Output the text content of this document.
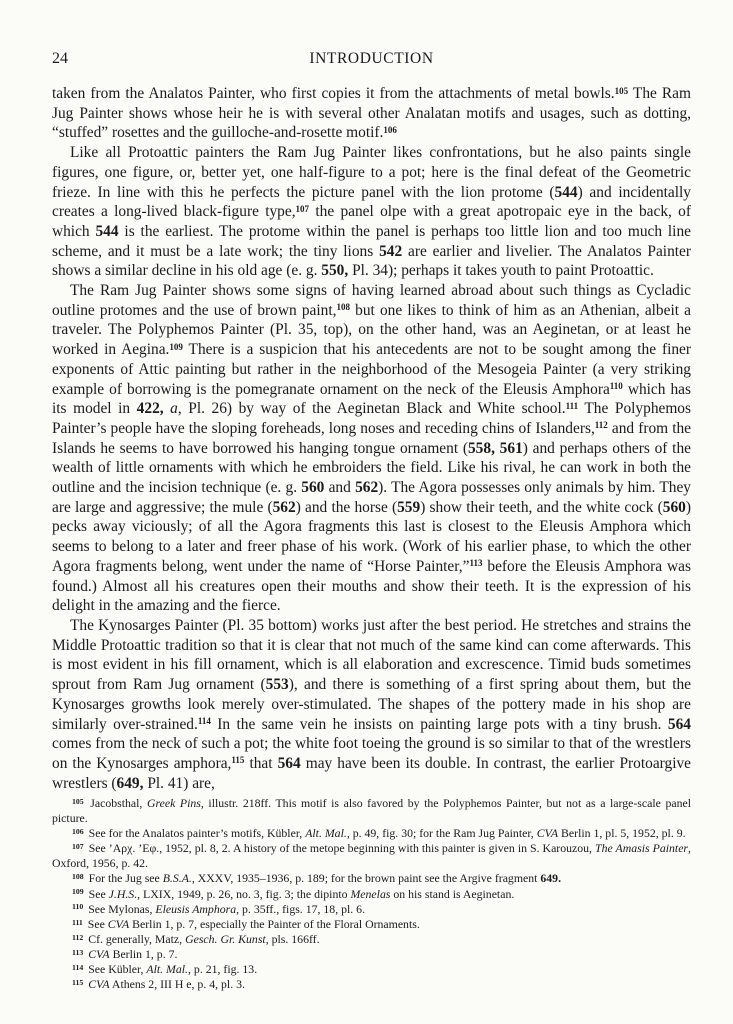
24	INTRODUCTION

taken from the Analatos Painter, who first copies it from the attachments of metal bowls.$^{105}$ The Ram Jug Painter shows whose heir he is with several other Analatan motifs and usages, such as dotting, “stuffed” rosettes and the guilloche-and-rosette motif.$^{106}$

Like all Protoattic painters the Ram Jug Painter likes confrontations, but he also paints single figures, one figure, or, better yet, one half-figure to a pot; here is the final defeat of the Geometric frieze. In line with this he perfects the picture panel with the lion protome (544) and incidentally creates a long-lived black-figure type,$^{107}$ the panel olpe with a great apotropaic eye in the back, of which 544 is the earliest. The protome within the panel is perhaps too little lion and too much line scheme, and it must be a late work; the tiny lions 542 are earlier and livelier. The Analatos Painter shows a similar decline in his old age (e. g. 550, Pl. 34); perhaps it takes youth to paint Protoattic.

The Ram Jug Painter shows some signs of having learned abroad about such things as Cycladic outline protomes and the use of brown paint,$^{108}$ but one likes to think of him as an Athenian, albeit a traveler. The Polyphemos Painter (Pl. 35, top), on the other hand, was an Aeginetan, or at least he worked in Aegina.$^{109}$ There is a suspicion that his antecedents are not to be sought among the finer exponents of Attic painting but rather in the neighborhood of the Mesogeia Painter (a very striking example of borrowing is the pomegranate ornament on the neck of the Eleusis Amphora$^{110}$ which has its model in 422, a, Pl. 26) by way of the Aeginetan Black and White school.$^{111}$ The Polyphemos Painter’s people have the sloping foreheads, long noses and receding chins of Islanders,$^{112}$ and from the Islands he seems to have borrowed his hanging tongue ornament (558, 561) and perhaps others of the wealth of little ornaments with which he embroiders the field. Like his rival, he can work in both the outline and the incision technique (e. g. 560 and 562). The Agora possesses only animals by him. They are large and aggressive; the mule (562) and the horse (559) show their teeth, and the white cock (560) pecks away viciously; of all the Agora fragments this last is closest to the Eleusis Amphora which seems to belong to a later and freer phase of his work. (Work of his earlier phase, to which the other Agora fragments belong, went under the name of “Horse Painter,”$^{113}$ before the Eleusis Amphora was found.) Almost all his creatures open their mouths and show their teeth. It is the expression of his delight in the amazing and the fierce.

The Kynosarges Painter (Pl. 35 bottom) works just after the best period. He stretches and strains the Middle Protoattic tradition so that it is clear that not much of the same kind can come afterwards. This is most evident in his fill ornament, which is all elaboration and excrescence. Timid buds sometimes sprout from Ram Jug ornament (553), and there is something of a first spring about them, but the Kynosarges growths look merely over-stimulated. The shapes of the pottery made in his shop are similarly over-strained.$^{114}$ In the same vein he insists on painting large pots with a tiny brush. 564 comes from the neck of such a pot; the white foot toeing the ground is so similar to that of the wrestlers on the Kynosarges amphora,$^{115}$ that 564 may have been its double. In contrast, the earlier Protoargive wrestlers (649, Pl. 41) are,

$^{105}$ Jacobsthal, Greek Pins, illustr. 218ff. This motif is also favored by the Polyphemos Painter, but not as a large-scale panel picture.

$^{106}$ See for the Analatos painter’s motifs, Kübler, Alt. Mal., p. 49, fig. 30; for the Ram Jug Painter, CVA Berlin 1, pl. 5, 1952, pl. 9.

$^{107}$ See ’Αρχ. ’Εφ., 1952, pl. 8, 2. A history of the metope beginning with this painter is given in S. Karouzou, The Amasis Painter, Oxford, 1956, p. 42.

$^{108}$ For the Jug see B.S.A., XXXV, 1935–1936, p. 189; for the brown paint see the Argive fragment 649.

$^{109}$ See J.H.S., LXIX, 1949, p. 26, no. 3, fig. 3; the dipinto Menelas on his stand is Aeginetan.

$^{110}$ See Mylonas, Eleusis Amphora, p. 35ff., figs. 17, 18, pl. 6.

$^{111}$ See CVA Berlin 1, p. 7, especially the Painter of the Floral Ornaments.

$^{112}$ Cf. generally, Matz, Gesch. Gr. Kunst, pls. 166ff.

$^{113}$ CVA Berlin 1, p. 7.

$^{114}$ See Kübler, Alt. Mal., p. 21, fig. 13.

$^{115}$ CVA Athens 2, III H e, p. 4, pl. 3.
